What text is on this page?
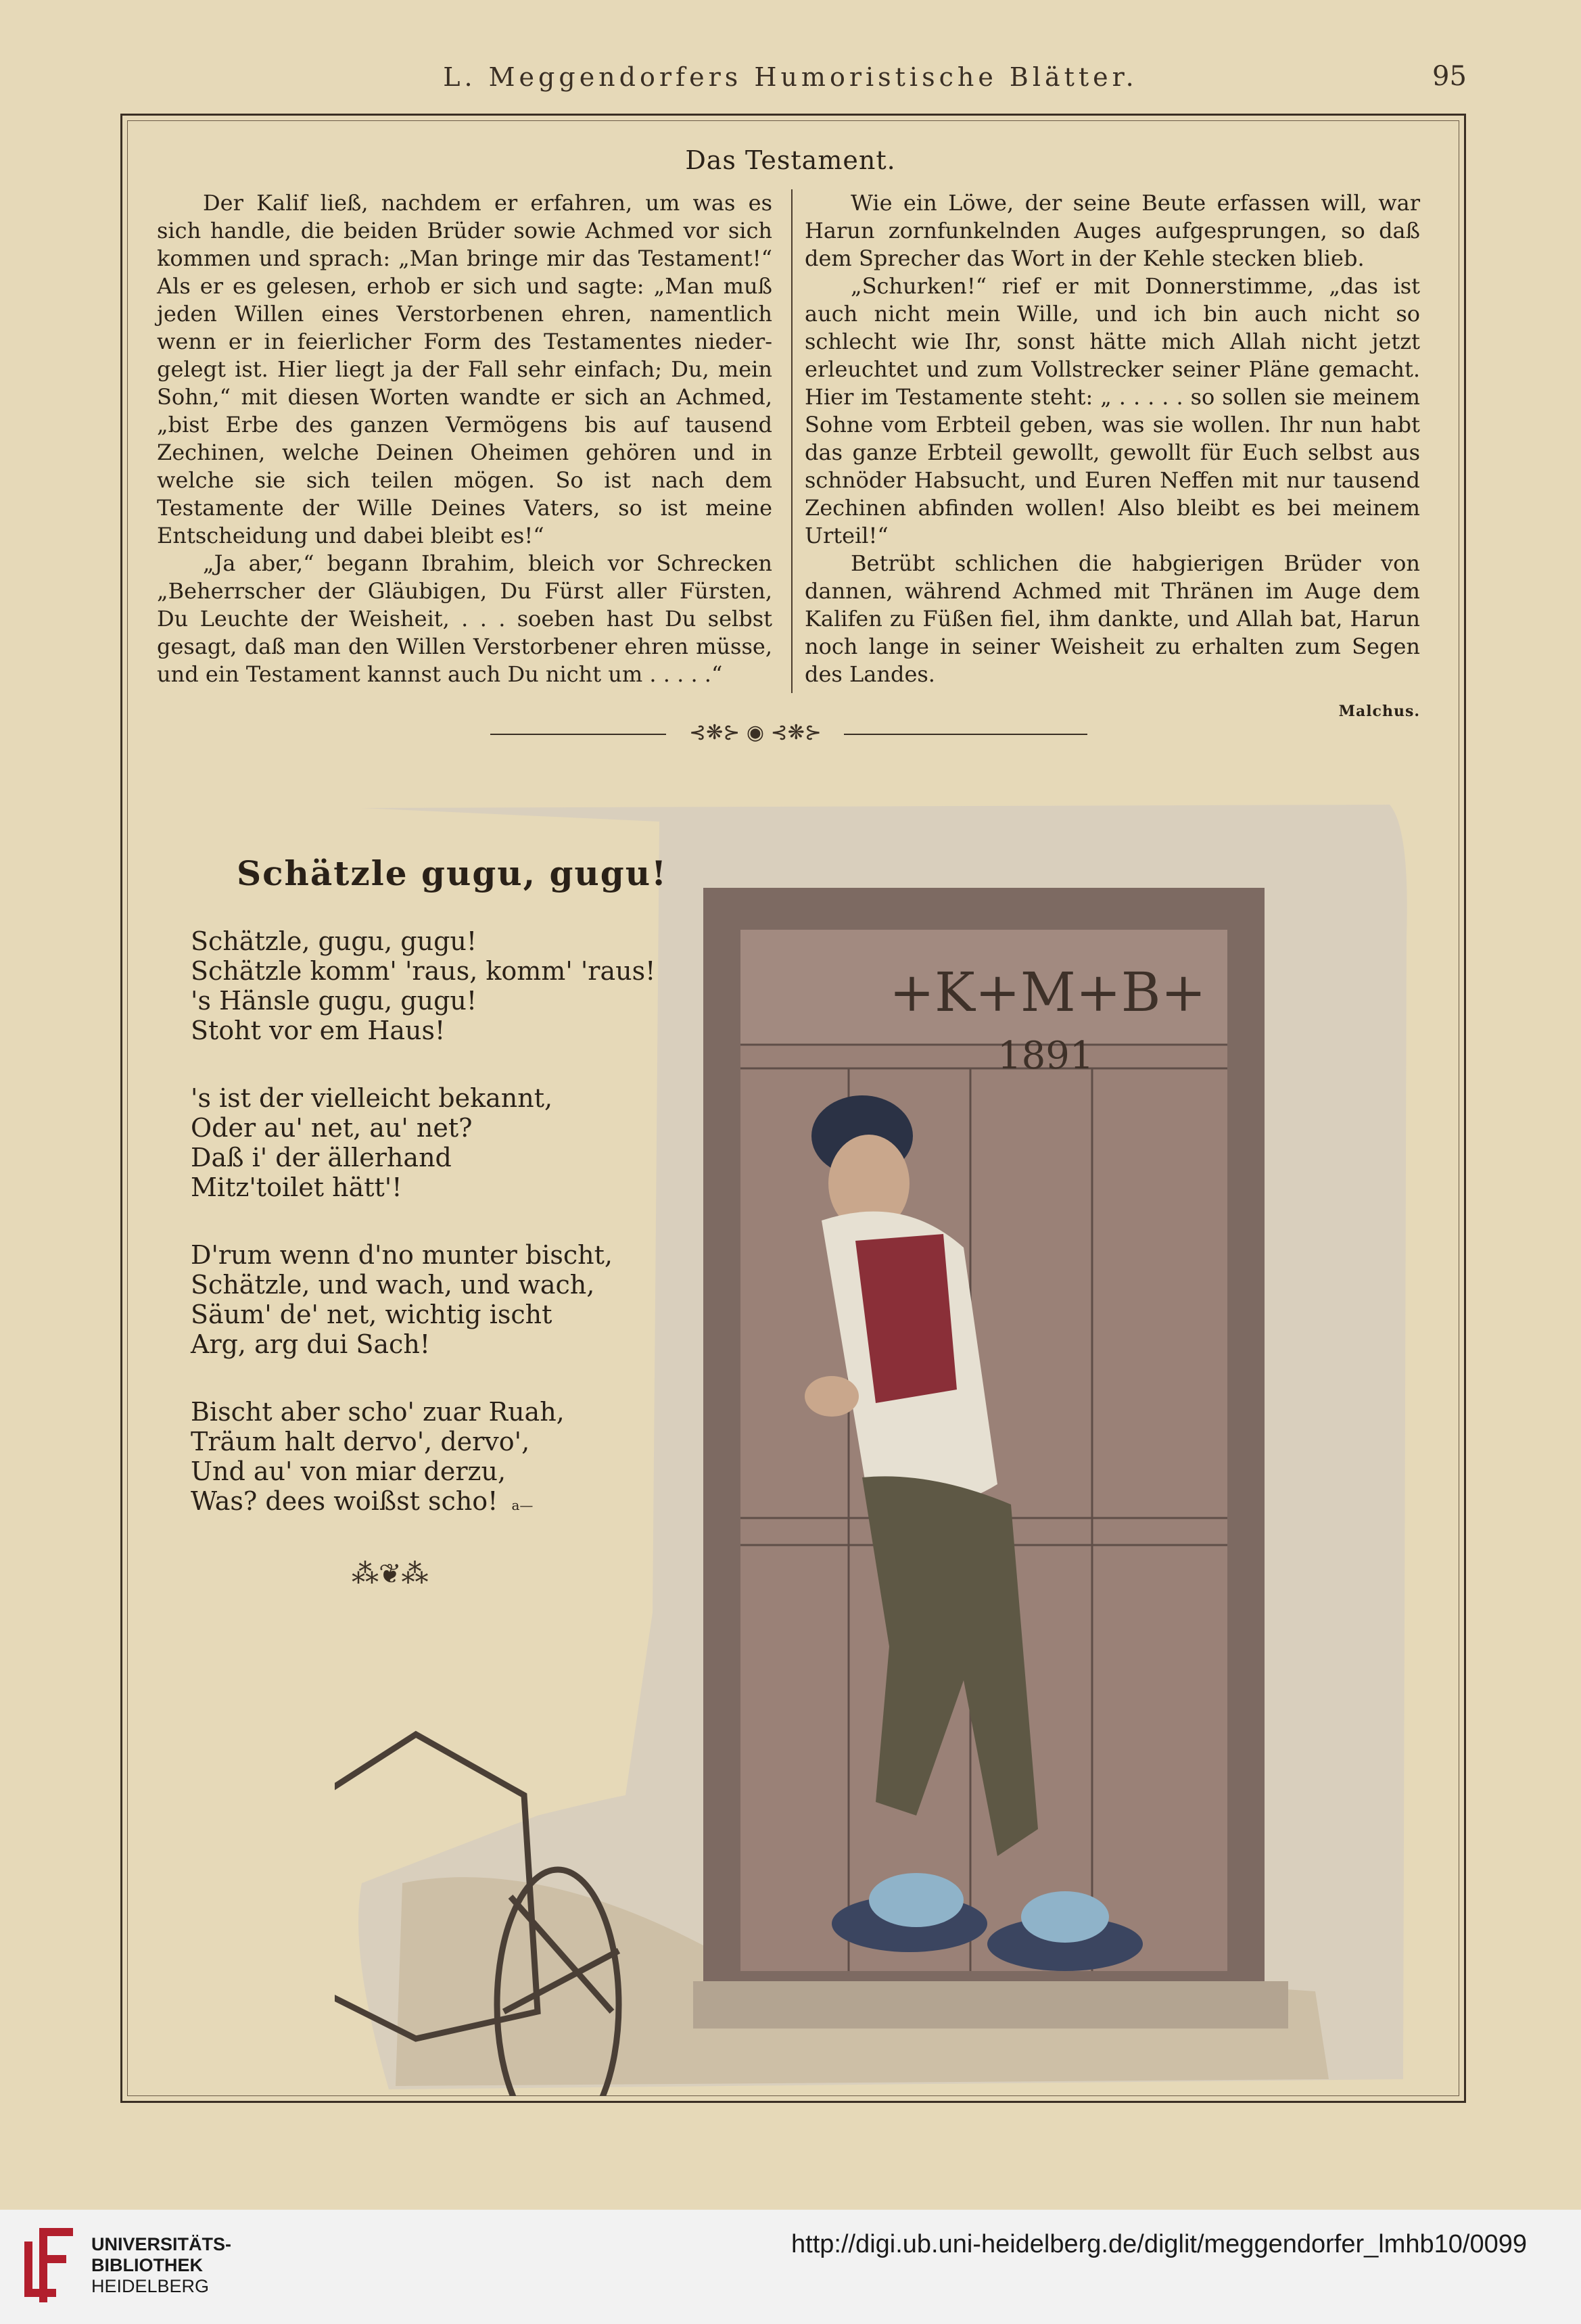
L. Meggendorfers Humoristische Blätter.	95
Das Testament.

Der Kalif ließ, nachdem er erfahren, um was es sich handle, die beiden Brüder sowie Achmed vor sich kommen und sprach: „Man bringe mir das Testament!“ Als er es gelesen, erhob er sich und sagte: „Man muß jeden Willen eines Verstorbenen ehren, namentlich wenn er in feierlicher Form des Testamentes nieder-gelegt ist. Hier liegt ja der Fall sehr einfach; Du, mein Sohn,“ mit diesen Worten wandte er sich an Achmed, „bist Erbe des ganzen Vermögens bis auf tausend Zechinen, welche Deinen Oheimen gehören und in welche sie sich teilen mögen. So ist nach dem Testamente der Wille Deines Vaters, so ist meine Entscheidung und dabei bleibt es!“

„Ja aber,“ begann Ibrahim, bleich vor Schrecken „Beherrscher der Gläubigen, Du Fürst aller Fürsten, Du Leuchte der Weisheit, . . . soeben hast Du selbst gesagt, daß man den Willen Verstorbener ehren müsse, und ein Testament kannst auch Du nicht um . . . . .“

Wie ein Löwe, der seine Beute erfassen will, war Harun zornfunkelnden Auges aufgesprungen, so daß dem Sprecher das Wort in der Kehle stecken blieb.

„Schurken!“ rief er mit Donnerstimme, „das ist auch nicht mein Wille, und ich bin auch nicht so schlecht wie Ihr, sonst hätte mich Allah nicht jetzt erleuchtet und zum Vollstrecker seiner Pläne gemacht. Hier im Testamente steht: „ . . . . . so sollen sie meinem Sohne vom Erbteil geben, was sie wollen. Ihr nun habt das ganze Erbteil gewollt, gewollt für Euch selbst aus schnöder Habsucht, und Euren Neffen mit nur tausend Zechinen abfinden wollen! Also bleibt es bei meinem Urteil!“

Betrübt schlichen die habgierigen Brüder von dannen, während Achmed mit Thränen im Auge dem Kalifen zu Füßen fiel, ihm dankte, und Allah bat, Harun noch lange in seiner Weisheit zu erhalten zum Segen des Landes.

Malchus.
⊰❋⊱ ◉ ⊰❋⊱
+K+M+B+
1891
Schätzle gugu, gugu!
Schätzle, gugu, gugu!
Schätzle komm' 'raus, komm' 'raus!
's Hänsle gugu, gugu!
Stoht vor em Haus!
's ist der vielleicht bekannt,
Oder au' net, au' net?
Daß i' der ällerhand
Mitz'toilet hätt'!
D'rum wenn d'no munter bischt,
Schätzle, und wach, und wach,
Säum' de' net, wichtig ischt
Arg, arg dui Sach!
Bischt aber scho' zuar Ruah,
Träum halt dervo', dervo',
Und au' von miar derzu,
Was? dees woißst scho! a—
⁂❦⁂
UNIVERSITÄTS-
BIBLIOTHEK
HEIDELBERG
http://digi.ub.uni-heidelberg.de/diglit/meggendorfer_lmhb10/0099
